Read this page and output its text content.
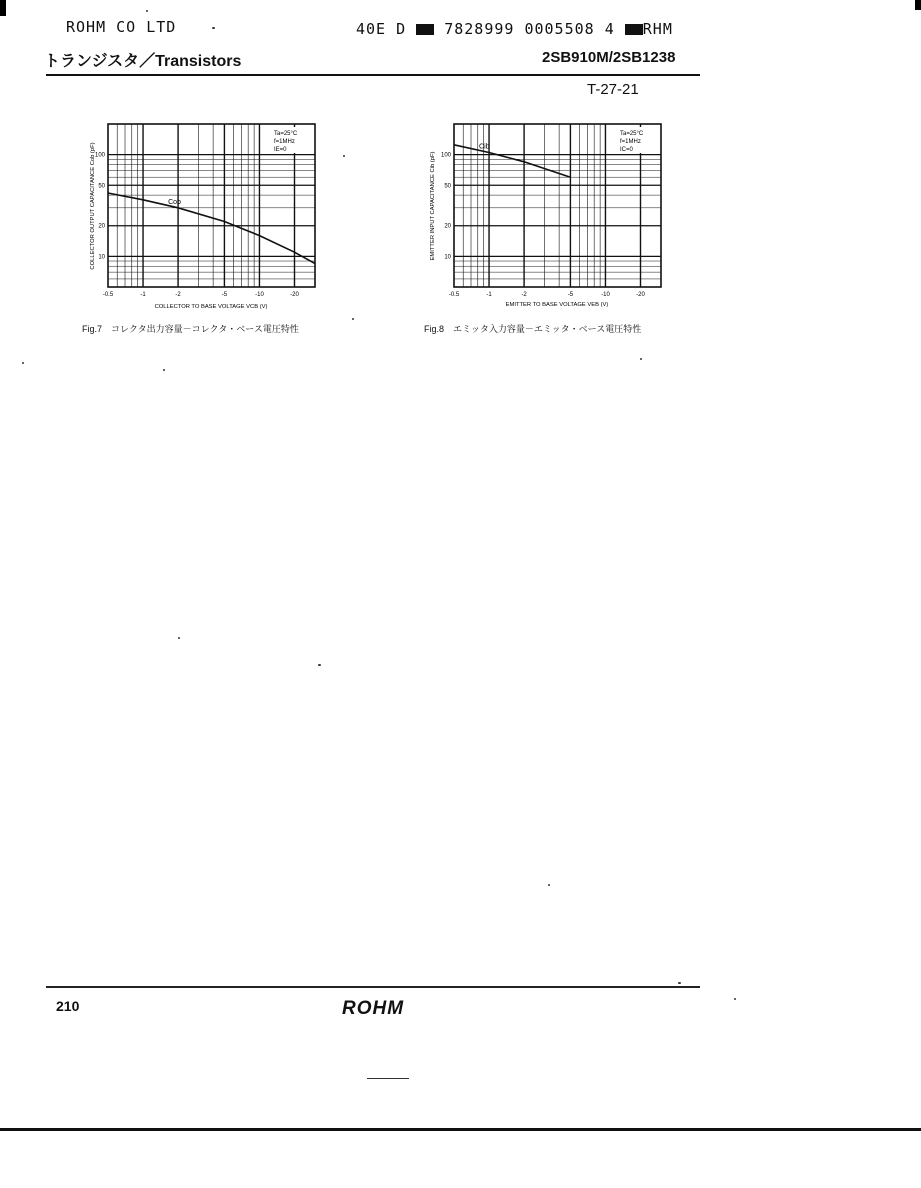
ROHM CO LTD	40E D	7828999 0005508 4 RHM
トランジスタ／Transistors	2SB910M/2SB1238
T-27-21
100
50
20
10
-0.5	-1	-2	-5	-10	-20
Cob
Ta=25°C
f=1MHz
IE=0
COLLECTOR OUTPUT CAPACITANCE Cob (pF)
COLLECTOR TO BASE VOLTAGE VCB (V)
100
50
20
10
-0.5	-1	-2	-5	-10	-20
Cib
Ta=25°C
f=1MHz
IC=0
EMITTER INPUT CAPACITANCE Cib (pF)
EMITTER TO BASE VOLTAGE VEB (V)
Fig.7　コレクタ出力容量－コレクタ・ベース電圧特性	Fig.8　エミッタ入力容量－エミッタ・ベース電圧特性
210	ROHM
